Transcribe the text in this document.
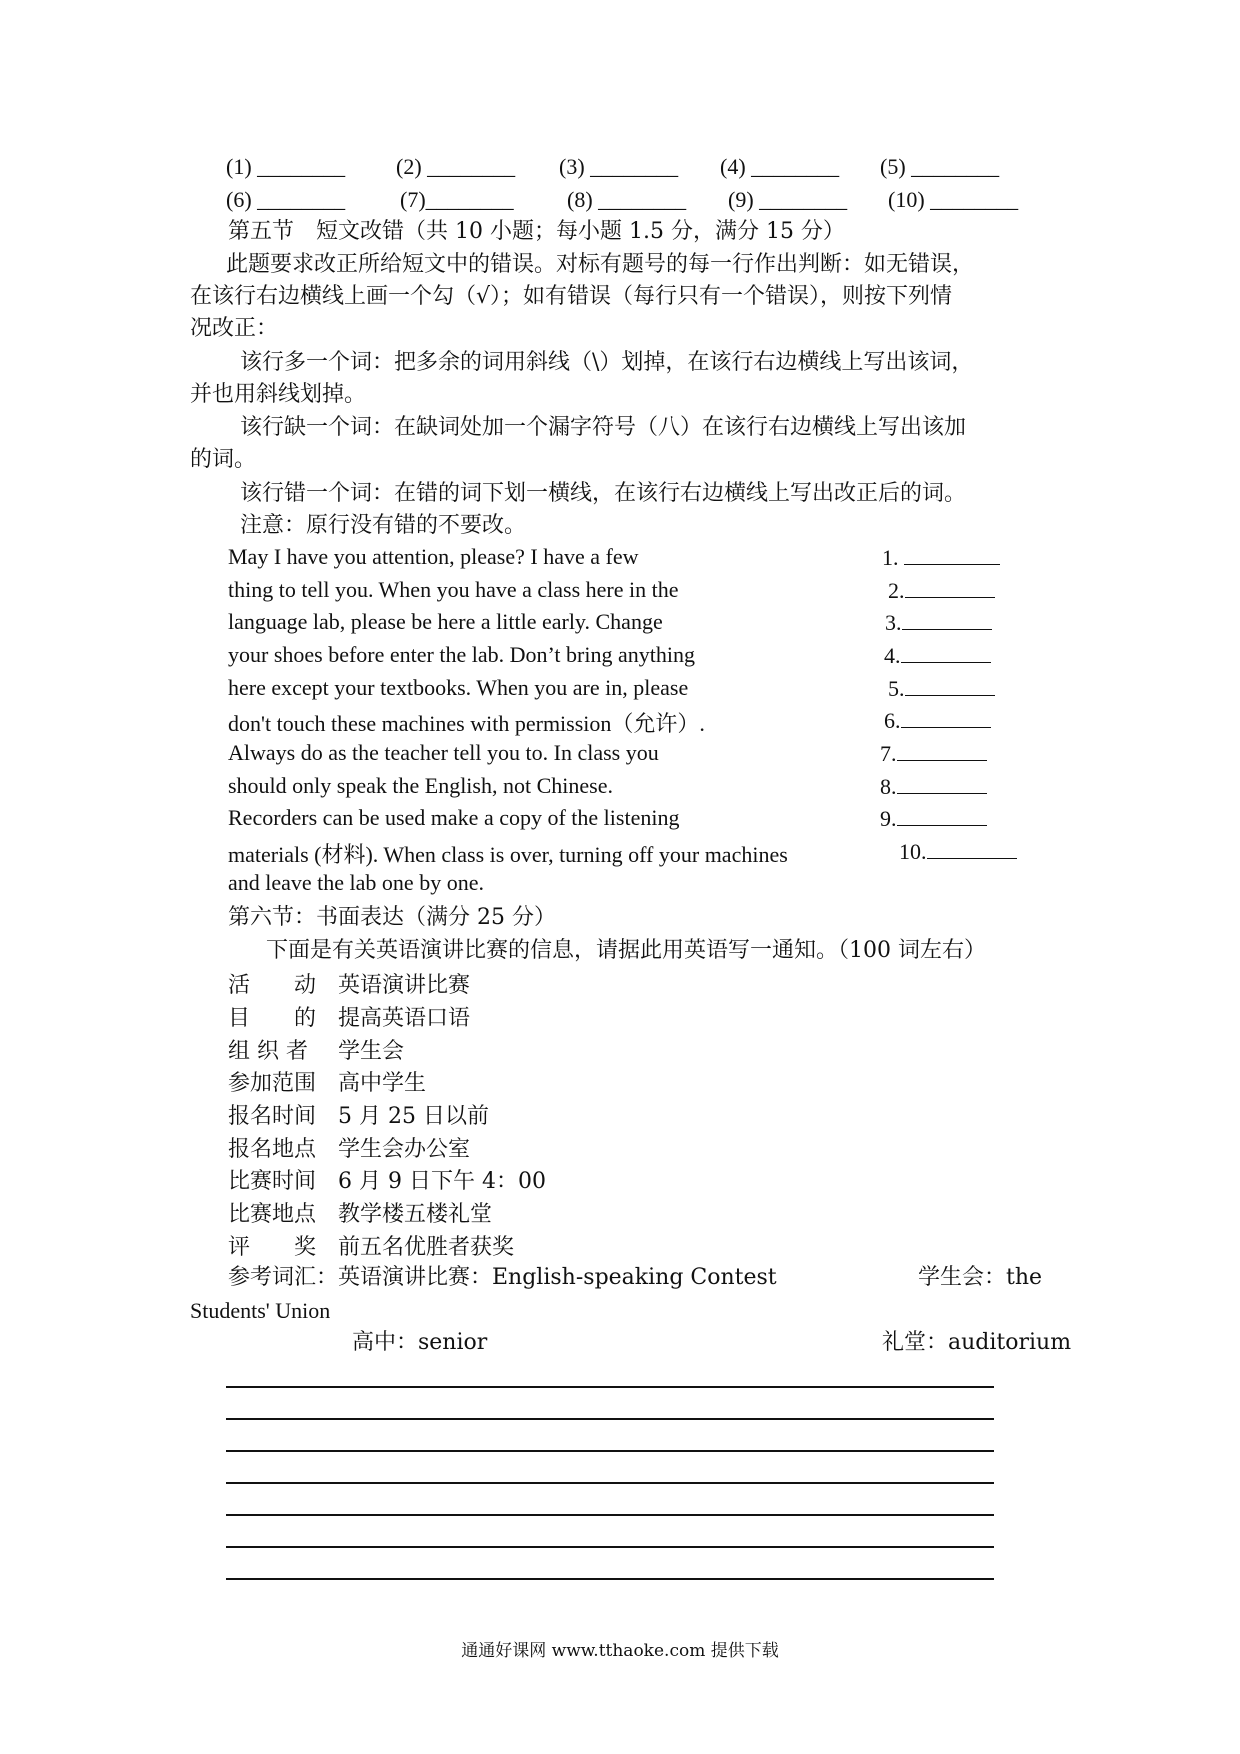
(1) ________ (2) ________ (3) ________ (4) ________ (5) ________
(6) ________ (7)________ (8) ________ (9) ________ (10) ________
第五节　短文改错（共 10 小题；每小题 1.5 分，满分 15 分）
此题要求改正所给短文中的错误。对标有题号的每一行作出判断：如无错误，
在该行右边横线上画一个勾（√）；如有错误（每行只有一个错误），则按下列情
况改正：
该行多一个词：把多余的词用斜线（\）划掉，在该行右边横线上写出该词，
并也用斜线划掉。
该行缺一个词：在缺词处加一个漏字符号（八）在该行右边横线上写出该加
的词。
该行错一个词：在错的词下划一横线，在该行右边横线上写出改正后的词。
注意：原行没有错的不要改。
May I have you attention, please? I have a few
thing to tell you. When you have a class here in the
language lab, please be here a little early. Change
your shoes before enter the lab. Don’t bring anything
here except your textbooks. When you are in, please
don't touch these machines with permission（允许）.
Always do as the teacher tell you to. In class you
should only speak the English, not Chinese.
Recorders can be used make a copy of the listening
materials (材料). When class is over, turning off your machines
and leave the lab one by one.
1.
2.
3.
4.
5.
6.
7.
8.
9.
10.
第六节：书面表达（满分 25 分）
下面是有关英语演讲比赛的信息，请据此用英语写一通知。（100 词左右）
活　　动 英语演讲比赛
目　　的 提高英语口语
组 织 者 学生会
参加范围 高中学生
报名时间 5 月 25 日以前
报名地点 学生会办公室
比赛时间 6 月 9 日下午 4：00
比赛地点 教学楼五楼礼堂
评　　奖 前五名优胜者获奖
参考词汇：英语演讲比赛：English-speaking Contest	学生会：the
Students' Union
高中：senior	礼堂：auditorium
通通好课网 www.tthaoke.com 提供下载
